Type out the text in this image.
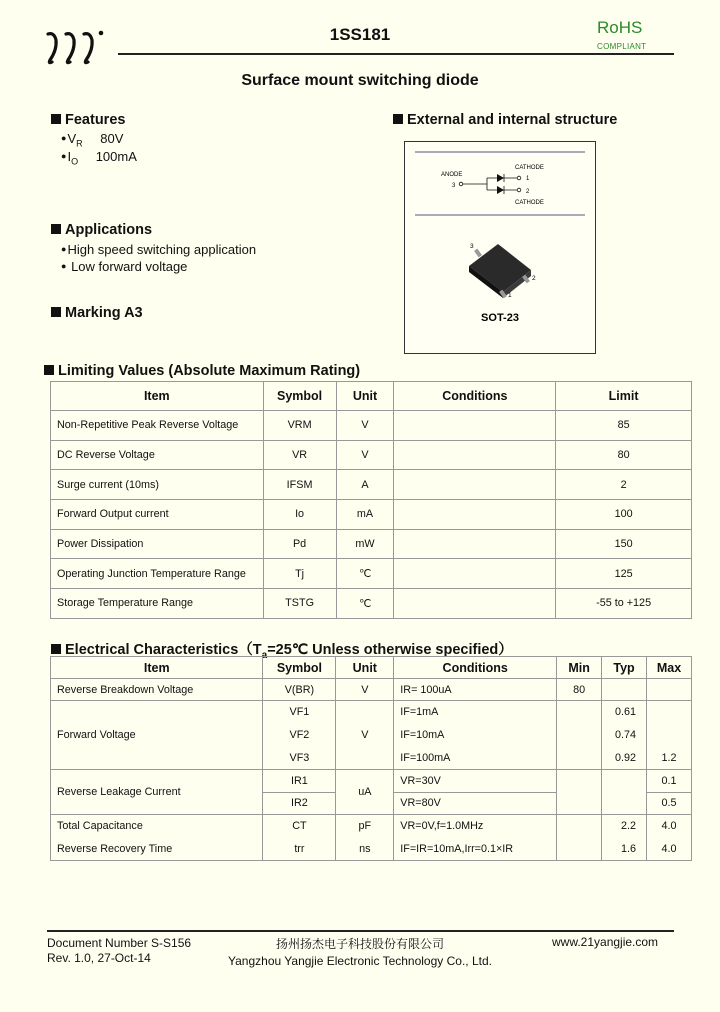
1SS181	RoHS
COMPLIANT
Surface mount switching diode
Features
$●V_R$ 80V
$●I_O$ 100mA
External and internal structure
ANODE
CATHODE
CATHODE
3
1
2
3
2
1
SOT-23
Applications
●High speed switching application
● Low forward voltage
Marking A3
Limiting Values (Absolute Maximum Rating)
Item	Symbol	Unit	Conditions	Limit
Non-Repetitive Peak Reverse Voltage	VRM	V		85
DC Reverse Voltage	VR	V		80
Surge current (10ms)	IFSM	A		2
Forward Output current	Io	mA		100
Power Dissipation	Pd	mW		150
Operating Junction Temperature Range	Tj	℃		125
Storage Temperature Range	TSTG	℃		-55 to +125
Electrical $Characteristics(T_a=25℃$ Unless otherwise specified）
Item	Symbol	Unit	Conditions	Min	Typ	Max
Reverse Breakdown Voltage	V(BR)	V	IR= 100uA	80		
Forward Voltage	VF1	V	IF=1mA		0.61	
	VF2		IF=10mA		0.74	
	VF3		IF=100mA		0.92	1.2
Reverse Leakage Current	IR1	uA	VR=30V			0.1
	IR2		VR=80V			0.5
Total Capacitance	CT	pF	VR=0V,f=1.0MHz		2.2	4.0
Reverse Recovery Time	trr	ns	IF=IR=10mA,Irr=0.1×IR		1.6	4.0
Document Number S-S156
Rev. 1.0, 27-Oct-14
扬州扬杰电子科技股份有限公司
Yangzhou Yangjie Electronic Technology Co., Ltd.
www.21yangjie.com
